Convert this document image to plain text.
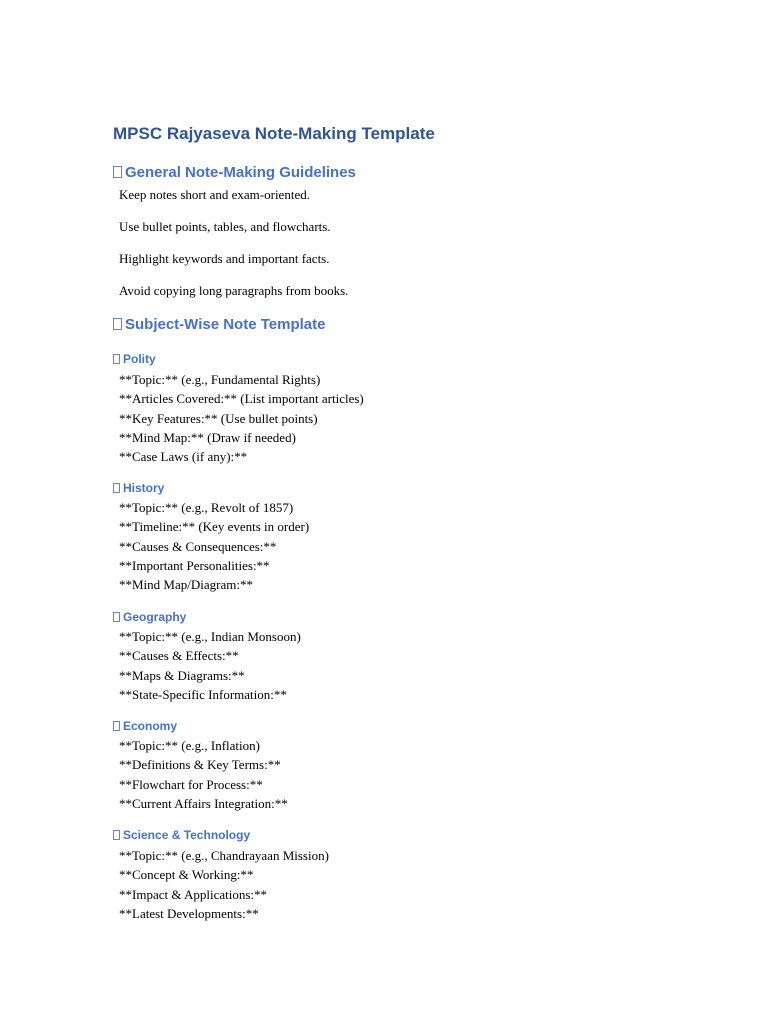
MPSC Rajyaseva Note-Making Template
General Note-Making Guidelines

Keep notes short and exam-oriented.

Use bullet points, tables, and flowcharts.

Highlight keywords and important facts.

Avoid copying long paragraphs from books.

Subject-Wise Note Template
Polity
**Topic:** (e.g., Fundamental Rights)
**Articles Covered:** (List important articles)
**Key Features:** (Use bullet points)
**Mind Map:** (Draw if needed)
**Case Laws (if any):**
History
**Topic:** (e.g., Revolt of 1857)
**Timeline:** (Key events in order)
**Causes & Consequences:**
**Important Personalities:**
**Mind Map/Diagram:**
Geography
**Topic:** (e.g., Indian Monsoon)
**Causes & Effects:**
**Maps & Diagrams:**
**State-Specific Information:**
Economy
**Topic:** (e.g., Inflation)
**Definitions & Key Terms:**
**Flowchart for Process:**
**Current Affairs Integration:**
Science & Technology
**Topic:** (e.g., Chandrayaan Mission)
**Concept & Working:**
**Impact & Applications:**
**Latest Developments:**
